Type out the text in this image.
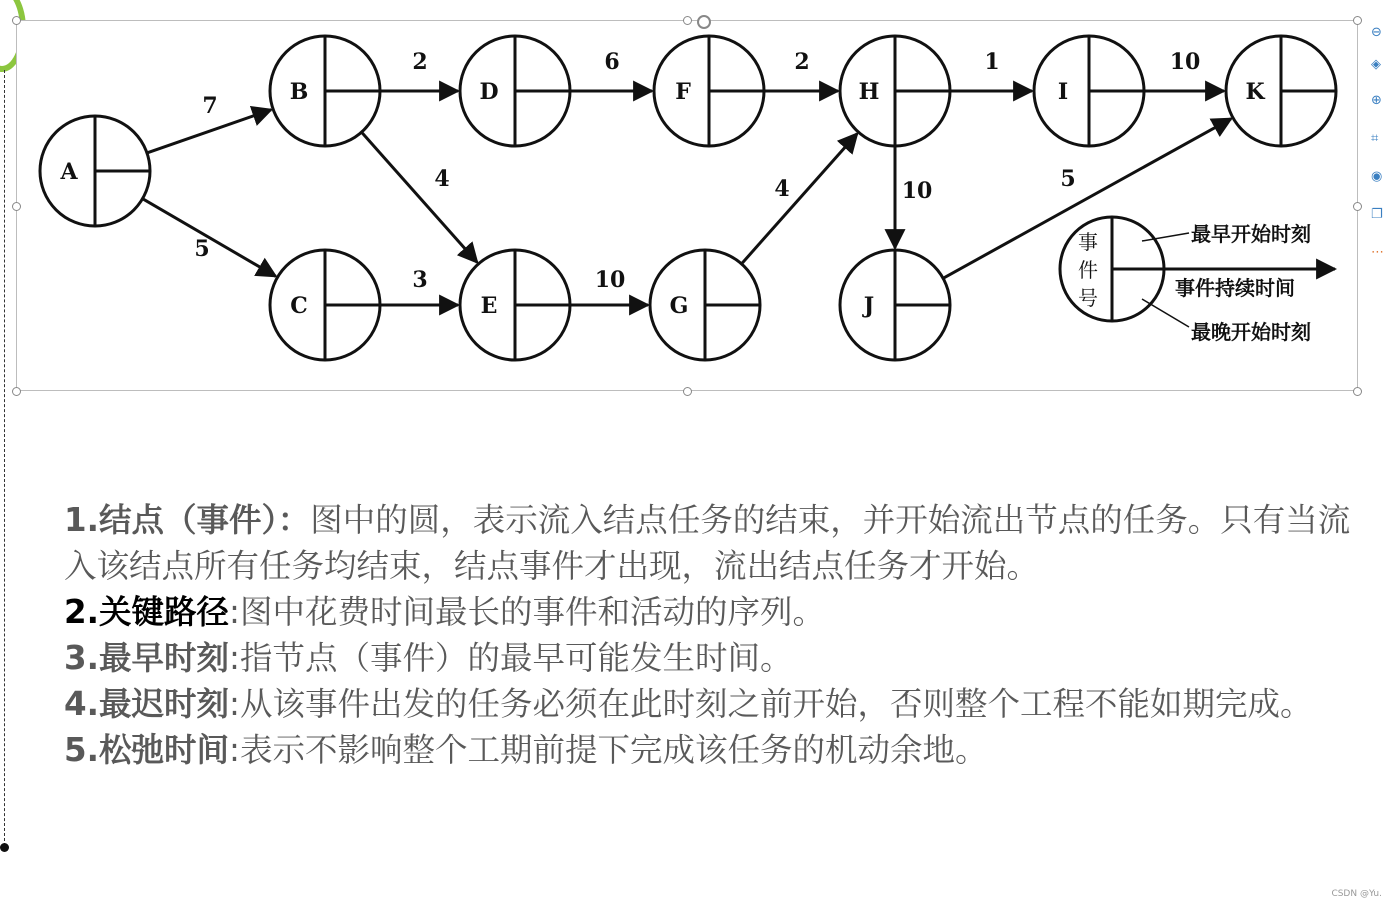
7
5
2
4
3
6
10
2
4
1
10
10
5
A
B
C
D
E
F
G
H	I
J
K
事
件
号
最早开始时刻
事件持续时间
最晚开始时刻
⊖
◈
⊕
⌗
◉
❐
⋯

1.结点（事件）：图中的圆，表示流入结点任务的结束，并开始流出节点的任务。只有当流入该结点所有任务均结束，结点事件才出现，流出结点任务才开始。

2.关键路径:图中花费时间最长的事件和活动的序列。

3.最早时刻:指节点（事件）的最早可能发生时间。

4.最迟时刻:从该事件出发的任务必须在此时刻之前开始，否则整个工程不能如期完成。

5.松弛时间:表示不影响整个工期前提下完成该任务的机动余地。

CSDN @Yu.
